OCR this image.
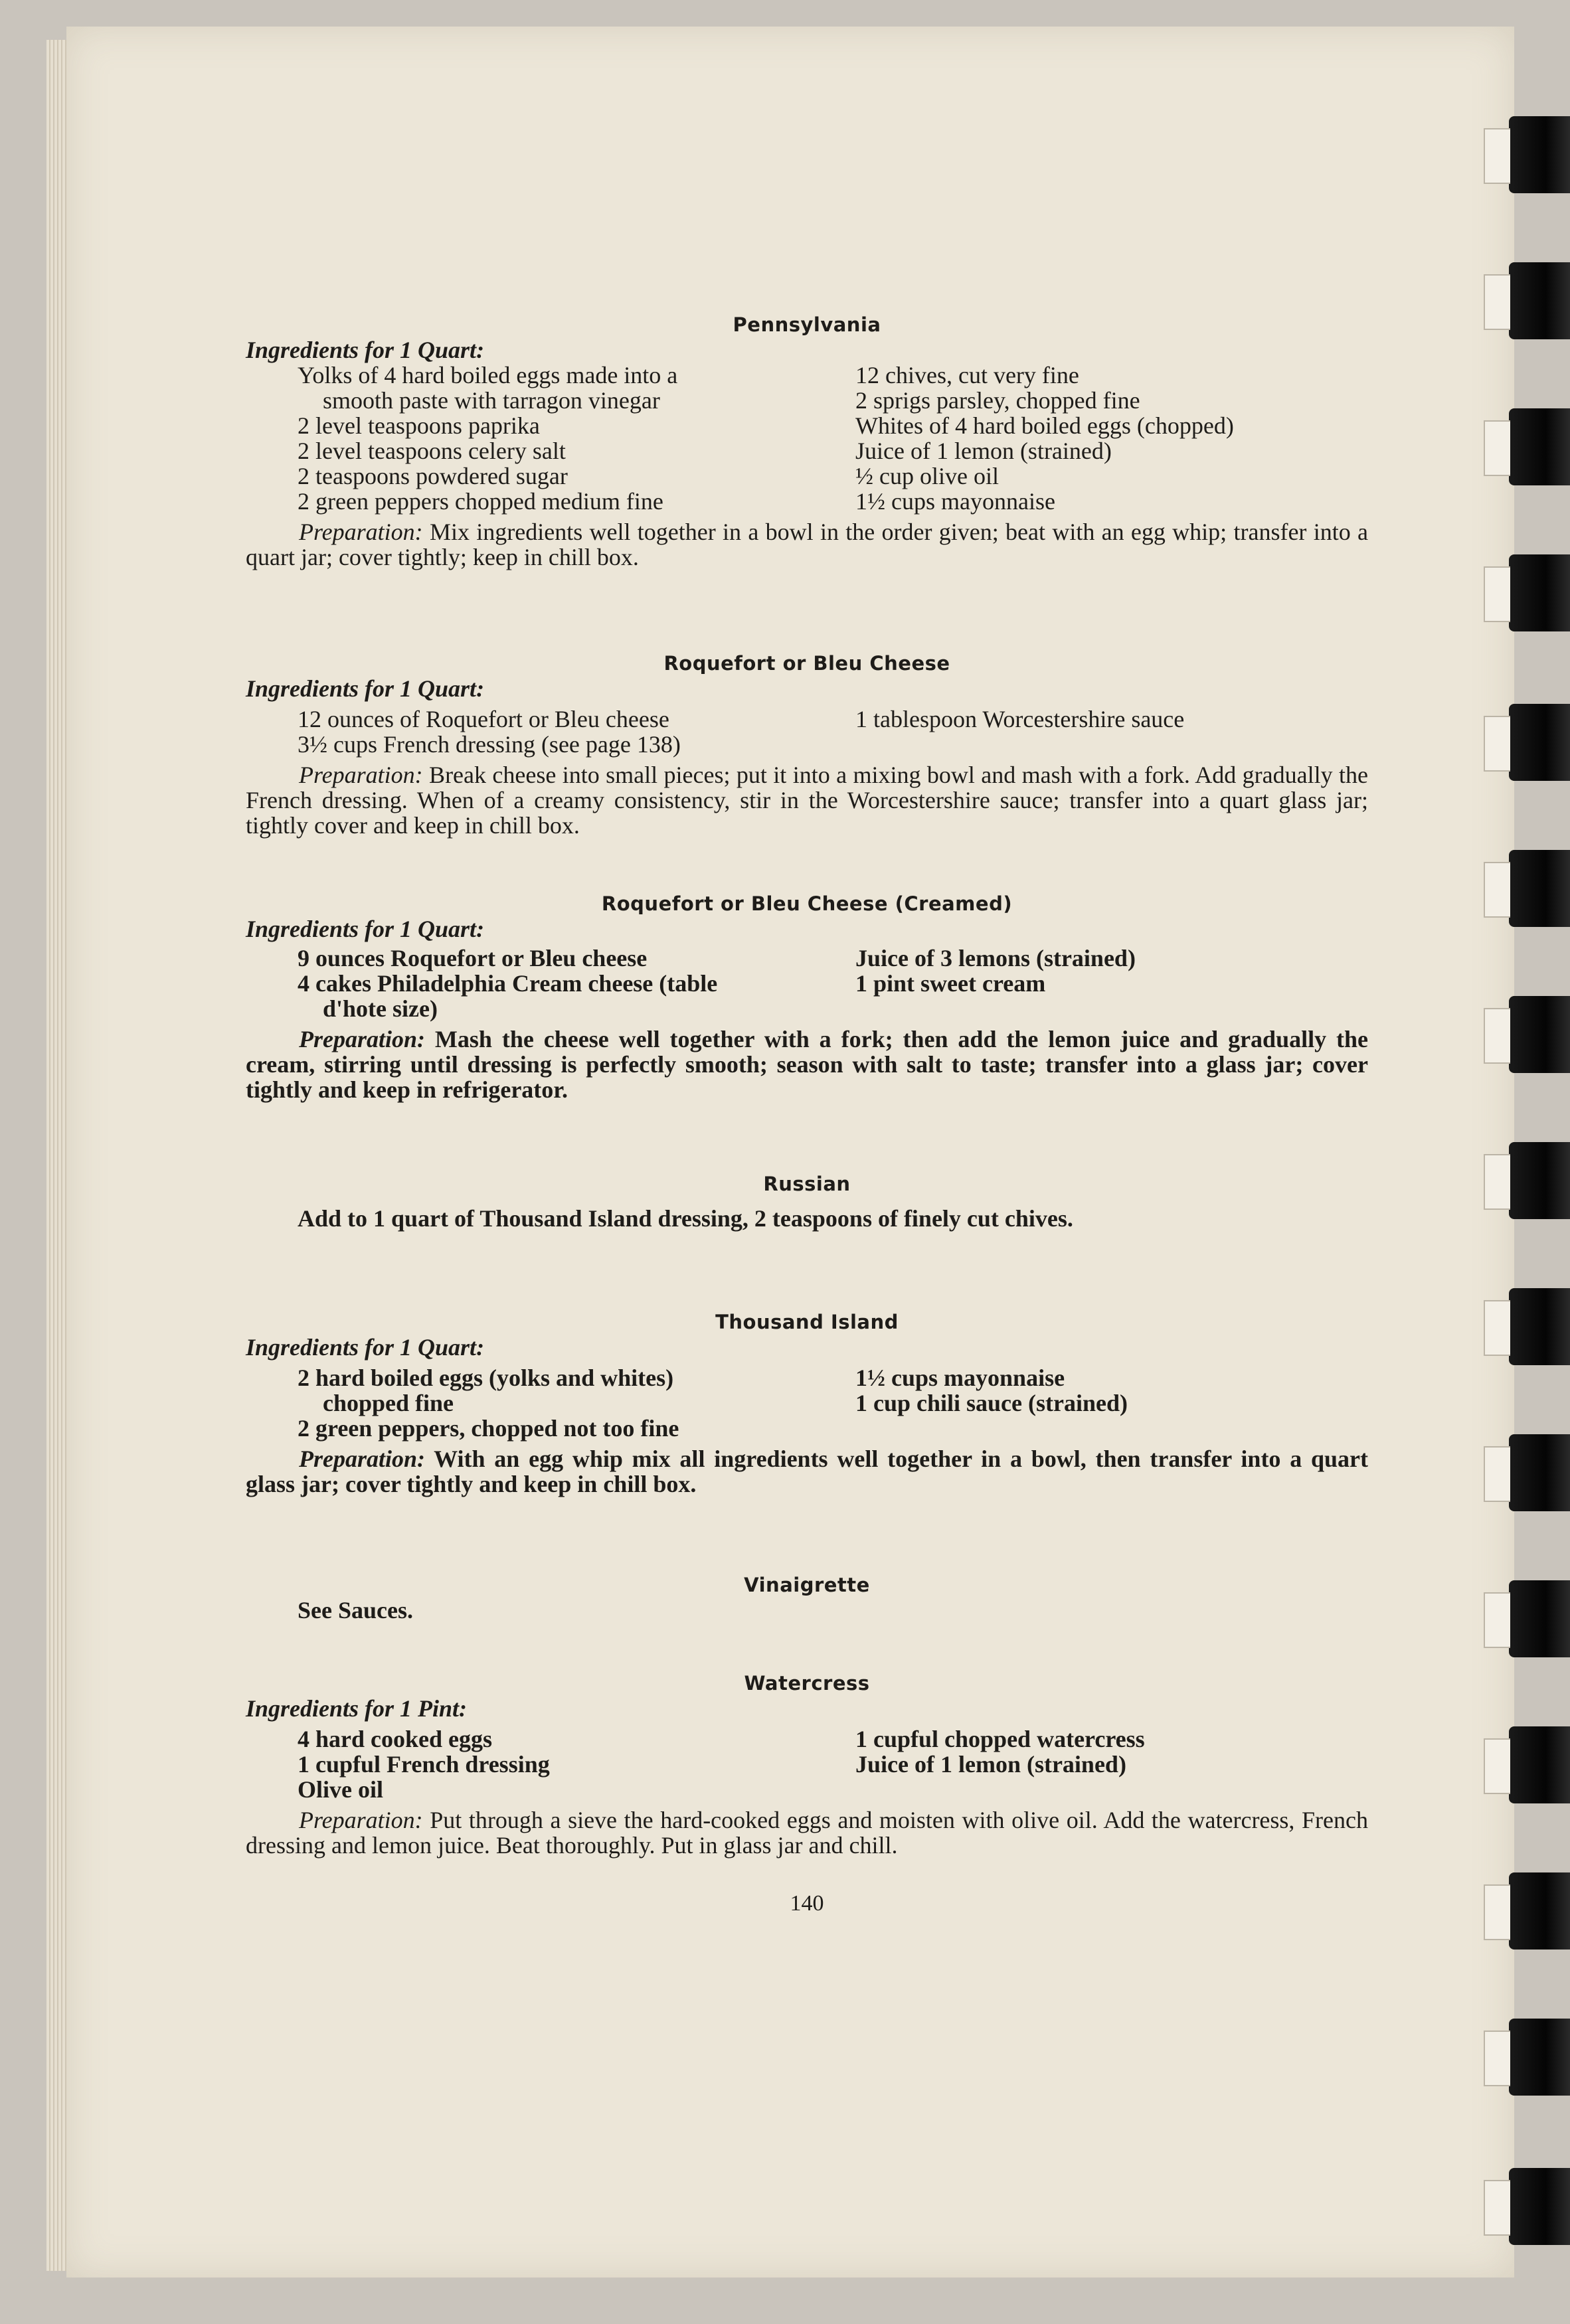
Pennsylvania
Ingredients for 1 Quart:
Yolks of 4 hard boiled eggs made into a
smooth paste with tarragon vinegar
2 level teaspoons paprika
2 level teaspoons celery salt
2 teaspoons powdered sugar
2 green peppers chopped medium fine
12 chives, cut very fine
2 sprigs parsley, chopped fine
Whites of 4 hard boiled eggs (chopped)
Juice of 1 lemon (strained)
½ cup olive oil
1½ cups mayonnaise
Preparation: Mix ingredients well together in a bowl in the order given; beat with an egg whip; transfer into a quart jar; cover tightly; keep in chill box.
Roquefort or Bleu Cheese
Ingredients for 1 Quart:
12 ounces of Roquefort or Bleu cheese
3½ cups French dressing (see page 138)
1 tablespoon Worcestershire sauce
Preparation: Break cheese into small pieces; put it into a mixing bowl and mash with a fork. Add gradually the French dressing. When of a creamy consistency, stir in the Worcestershire sauce; transfer into a quart glass jar; tightly cover and keep in chill box.
Roquefort or Bleu Cheese (Creamed)
Ingredients for 1 Quart:
9 ounces Roquefort or Bleu cheese
4 cakes Philadelphia Cream cheese (table
d'hote size)
Juice of 3 lemons (strained)
1 pint sweet cream
Preparation: Mash the cheese well together with a fork; then add the lemon juice and gradually the cream, stirring until dressing is perfectly smooth; season with salt to taste; transfer into a glass jar; cover tightly and keep in refrigerator.
Russian
Add to 1 quart of Thousand Island dressing, 2 teaspoons of finely cut chives.
Thousand Island
Ingredients for 1 Quart:
2 hard boiled eggs (yolks and whites)
chopped fine
2 green peppers, chopped not too fine
1½ cups mayonnaise
1 cup chili sauce (strained)
Preparation: With an egg whip mix all ingredients well together in a bowl, then transfer into a quart glass jar; cover tightly and keep in chill box.
Vinaigrette
See Sauces.
Watercress
Ingredients for 1 Pint:
4 hard cooked eggs
1 cupful French dressing
Olive oil
1 cupful chopped watercress
Juice of 1 lemon (strained)
Preparation: Put through a sieve the hard-cooked eggs and moisten with olive oil. Add the watercress, French dressing and lemon juice. Beat thoroughly. Put in glass jar and chill.
140
